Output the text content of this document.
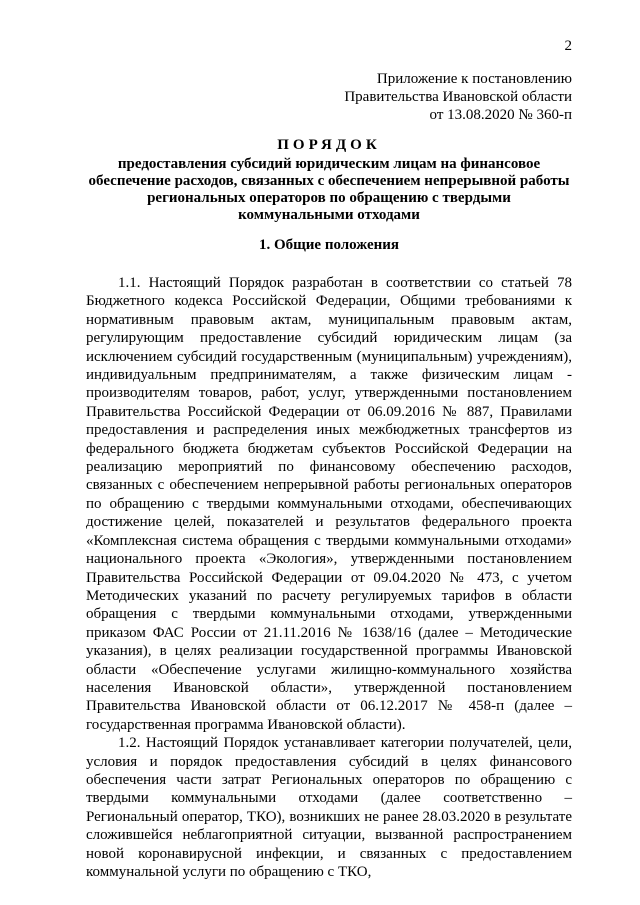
2
Приложение к постановлению
Правительства Ивановской области
от 13.08.2020 № 360-п
ПОРЯДОК
предоставления субсидий юридическим лицам на финансовое
обеспечение расходов, связанных с обеспечением непрерывной работы
региональных операторов по обращению с твердыми
коммунальными отходами
1. Общие положения

1.1. Настоящий Порядок разработан в соответствии со статьей 78 Бюджетного кодекса Российской Федерации, Общими требованиями к нормативным правовым актам, муниципальным правовым актам, регулирующим предоставление субсидий юридическим лицам (за исключением субсидий государственным (муниципальным) учреждениям), индивидуальным предпринимателям, а также физическим лицам - производителям товаров, работ, услуг, утвержденными постановлением Правительства Российской Федерации от 06.09.2016 № 887, Правилами предоставления и распределения иных межбюджетных трансфертов из федерального бюджета бюджетам субъектов Российской Федерации на реализацию мероприятий по финансовому обеспечению расходов, связанных с обеспечением непрерывной работы региональных операторов по обращению с твердыми коммунальными отходами, обеспечивающих достижение целей, показателей и результатов федерального проекта «Комплексная система обращения с твердыми коммунальными отходами» национального проекта «Экология», утвержденными постановлением Правительства Российской Федерации от 09.04.2020 № 473, с учетом Методических указаний по расчету регулируемых тарифов в области обращения с твердыми коммунальными отходами, утвержденными приказом ФАС России от 21.11.2016 № 1638/16 (далее – Методические указания), в целях реализации государственной программы Ивановской области «Обеспечение услугами жилищно-коммунального хозяйства населения Ивановской области», утвержденной постановлением Правительства Ивановской области от 06.12.2017 № 458-п (далее – государственная программа Ивановской области).

1.2. Настоящий Порядок устанавливает категории получателей, цели, условия и порядок предоставления субсидий в целях финансового обеспечения части затрат Региональных операторов по обращению с твердыми коммунальными отходами (далее соответственно – Региональный оператор, ТКО), возникших не ранее 28.03.2020 в результате сложившейся неблагоприятной ситуации, вызванной распространением новой коронавирусной инфекции, и связанных с предоставлением коммунальной услуги по обращению с ТКО,
